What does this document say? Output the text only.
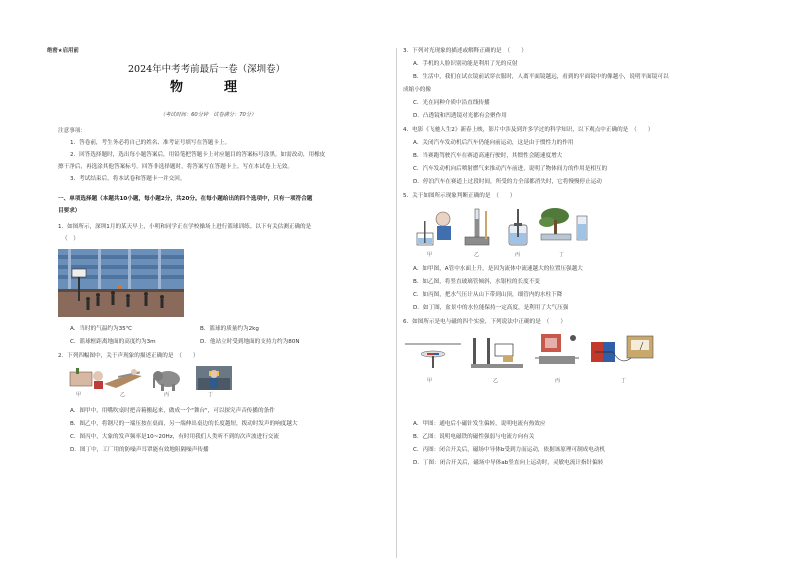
绝密★启用前
2024年中考考前最后一卷（深圳卷）
物　理
（考试时间：60分钟　试卷满分：70分）
注意事项：
1．答卷前，考生务必将自己的姓名、准考证号填写在答题卡上。
2．回答选择题时，选出每小题答案后，用铅笔把答题卡上对应题目的答案标号涂黑。如需改动，用橡皮
擦干净后，再选涂其他答案标号。回答非选择题时，将答案写在答题卡上。写在本试卷上无效。
3．考试结束后，将本试卷和答题卡一并交回。
一、单项选择题（本题共10小题，每小题2分，共20分。在每小题给出的四个选项中，只有一项符合题
目要求）
1．如图所示，深圳1月的某天早上，小明和同学正在学校操场上进行篮球训练。以下有关估测正确的是
（　）
A．当时的气温约为35℃	B．篮球的质量约为2kg
C．篮球框距离地面的高度约为3m	D．他站立时受到地面的支持力约为80N
2．下列四幅图中，关于声现象的描述正确的是　（　　）
甲	乙	丙	丁
A．图甲中，用嘴吹桌时把音箱搬起来，做成一个"舞台"，可以探究声音传播的条件
B．图乙中，将钢尺的一端压按在桌面，另一端伸出桌边的长度越短，拨动时发声的响度越大
C．图丙中，大象的发声频率是10~20Hz，有时用我们人类听不到的次声波进行交流
D．图丁中，工厂用的防噪声耳罩能有效地阻隔噪声传播
3．下列对光现象的描述或解释正确的是　（　　）
A．手机的人脸识别功能是利用了光的反射
B．生活中，我们在试衣镜前试穿衣服时，人离平面镜越远，看到的平面镜中的像越小，说明平面镜可以
成缩小的像
C．光在同种介质中沿直线传播
D．凸透镜和凹透镜对光都有会聚作用
4．电影《飞驰人生2》新春上映，影片中涉及到许多学过的科学知识，以下观点中正确的是　（　　）
A．关闭汽车发动机后汽车仍能向前运动，这是由于惯性力的作用
B．当赛跑驾驶汽车在赛道高速行驶时，其惯性会随速度增大
C．汽车发动机向后喷射燃气来推动汽车前进，说明了物体间力的作用是相互的
D．停泊汽车在赛道上过段时间，所受的力全部都消失时，它将慢慢停止运动
5．关于如图所示现象判断正确的是　（　　）
甲	乙	丙	丁
A．如甲图，A管中水面上升，是因为流体中流速越大的位置压强越大
B．如乙图，将竖直玻璃管倾斜，水银柱的长度不变
C．如丙图，把水气压计从山下带到山顶，细管内的水柱下降
D．如丁图，盆景中的水位能保持一定高度，是利用了大气压强
6．如图所示是电与磁的四个实验，下列说法中正确的是　（　　）
甲	乙	丙	丁
A．甲图：通电后小磁针发生偏转，说明电流有热效应
B．乙图：说明电磁铁的磁性强弱与电流方向有关
C．丙图：闭合开关后，磁场中导体b受到力而运动，依据该原理可制成电动机
D．丁图：闭合开关后，磁场中导体ab竖直向上运动时，灵敏电流计指针偏转
